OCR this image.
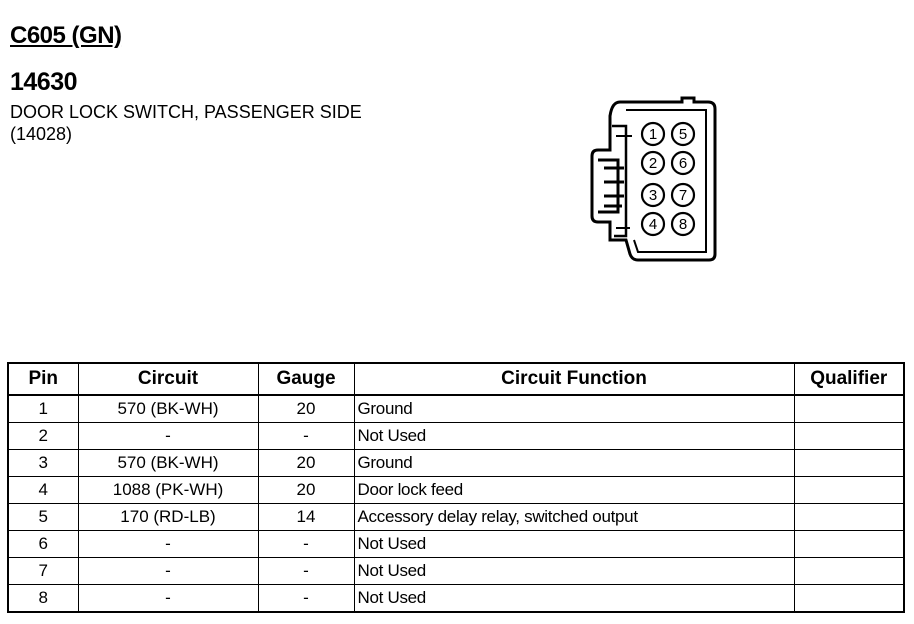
C605 (GN)
14630

DOOR LOCK SWITCH, PASSENGER SIDE (14028)	1 5
2 6
3 7
4 8
Pin	Circuit	Gauge	Circuit Function	Qualifier
1	570 (BK-WH)	20	Ground	
2	-	-	Not Used	
3	570 (BK-WH)	20	Ground	
4	1088 (PK-WH)	20	Door lock feed	
5	170 (RD-LB)	14	Accessory delay relay, switched output	
6	-	-	Not Used	
7	-	-	Not Used	
8	-	-	Not Used	
